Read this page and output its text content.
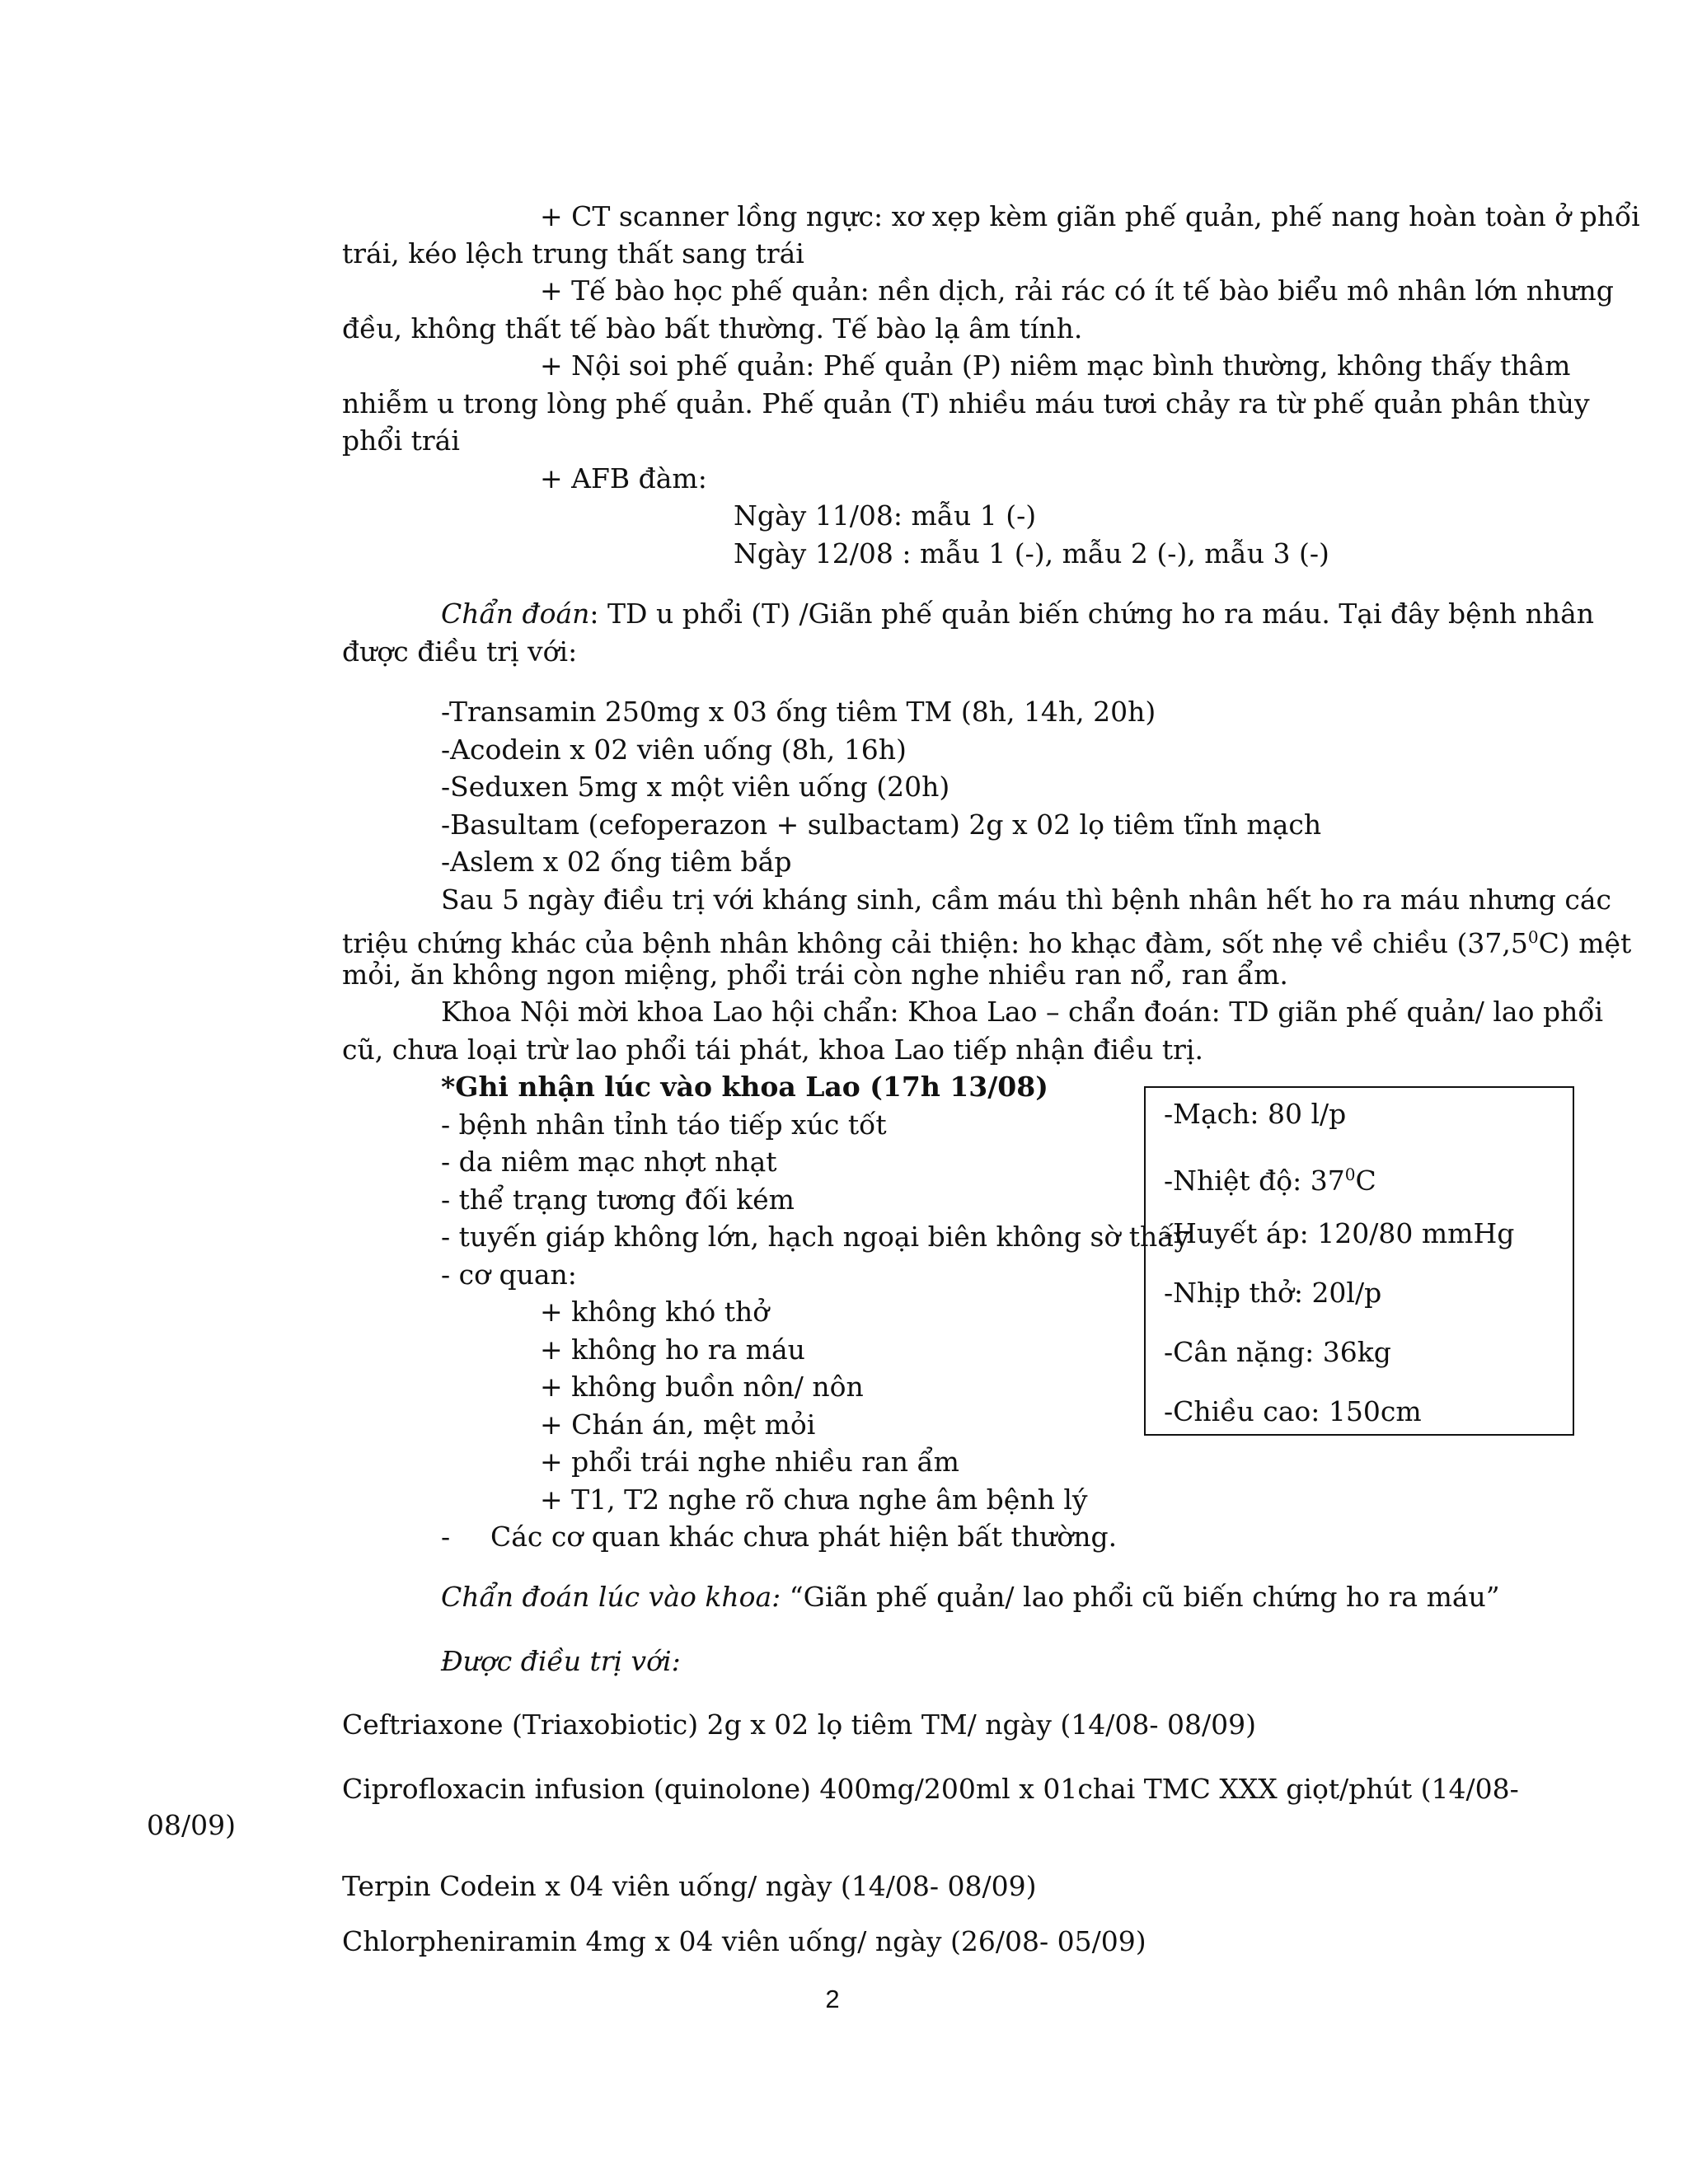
+ CT scanner lồng ngực: xơ xẹp kèm giãn phế quản, phế nang hoàn toàn ở phổi
trái, kéo lệch trung thất sang trái
+ Tế bào học phế quản: nền dịch, rải rác có ít tế bào biểu mô nhân lớn nhưng
đều, không thất tế bào bất thường. Tế bào lạ âm tính.
+ Nội soi phế quản: Phế quản (P) niêm mạc bình thường, không thấy thâm
nhiễm u trong lòng phế quản. Phế quản (T) nhiều máu tươi chảy ra từ phế quản phân thùy
phổi trái
+ AFB đàm:
Ngày 11/08: mẫu 1 (-)
Ngày 12/08 : mẫu 1 (-), mẫu 2 (-), mẫu 3 (-)
Chẩn đoán: TD u phổi (T) /Giãn phế quản biến chứng ho ra máu. Tại đây bệnh nhân
được điều trị với:
-Transamin 250mg x 03 ống tiêm TM (8h, 14h, 20h)
-Acodein x 02 viên uống (8h, 16h)
-Seduxen 5mg x một viên uống (20h)
-Basultam (cefoperazon + sulbactam) 2g x 02 lọ tiêm tĩnh mạch
-Aslem x 02 ống tiêm bắp
Sau 5 ngày điều trị với kháng sinh, cầm máu thì bệnh nhân hết ho ra máu nhưng các
triệu chứng khác của bệnh nhân không cải thiện: ho khạc đàm, sốt nhẹ về chiều (37,5$^0$C) mệt
mỏi, ăn không ngon miệng, phổi trái còn nghe nhiều ran nổ, ran ẩm.
Khoa Nội mời khoa Lao hội chẩn: Khoa Lao – chẩn đoán: TD giãn phế quản/ lao phổi
cũ, chưa loại trừ lao phổi tái phát, khoa Lao tiếp nhận điều trị.
*Ghi nhận lúc vào khoa Lao (17h 13/08)
- bệnh nhân tỉnh táo tiếp xúc tốt
- da niêm mạc nhợt nhạt
- thể trạng tương đối kém
- tuyến giáp không lớn, hạch ngoại biên không sờ thấy
- cơ quan:
+ không khó thở
+ không ho ra máu
+ không buồn nôn/ nôn
+ Chán án, mệt mỏi
+ phổi trái nghe nhiều ran ẩm
+ T1, T2 nghe rõ chưa nghe âm bệnh lý
- Các cơ quan khác chưa phát hiện bất thường.
-Mạch: 80 l/p
-Nhiệt độ: $37^0C$
-Huyết áp: 120/80 mmHg
-Nhịp thở: 20l/p
-Cân nặng: 36kg
-Chiều cao: 150cm
Chẩn đoán lúc vào khoa: “Giãn phế quản/ lao phổi cũ biến chứng ho ra máu”
Được điều trị với:
Ceftriaxone (Triaxobiotic) 2g x 02 lọ tiêm TM/ ngày (14/08- 08/09)
Ciprofloxacin infusion (quinolone) 400mg/200ml x 01chai TMC XXX giọt/phút (14/08-
08/09)
Terpin Codein x 04 viên uống/ ngày (14/08- 08/09)
Chlorpheniramin 4mg x 04 viên uống/ ngày (26/08- 05/09)
2
